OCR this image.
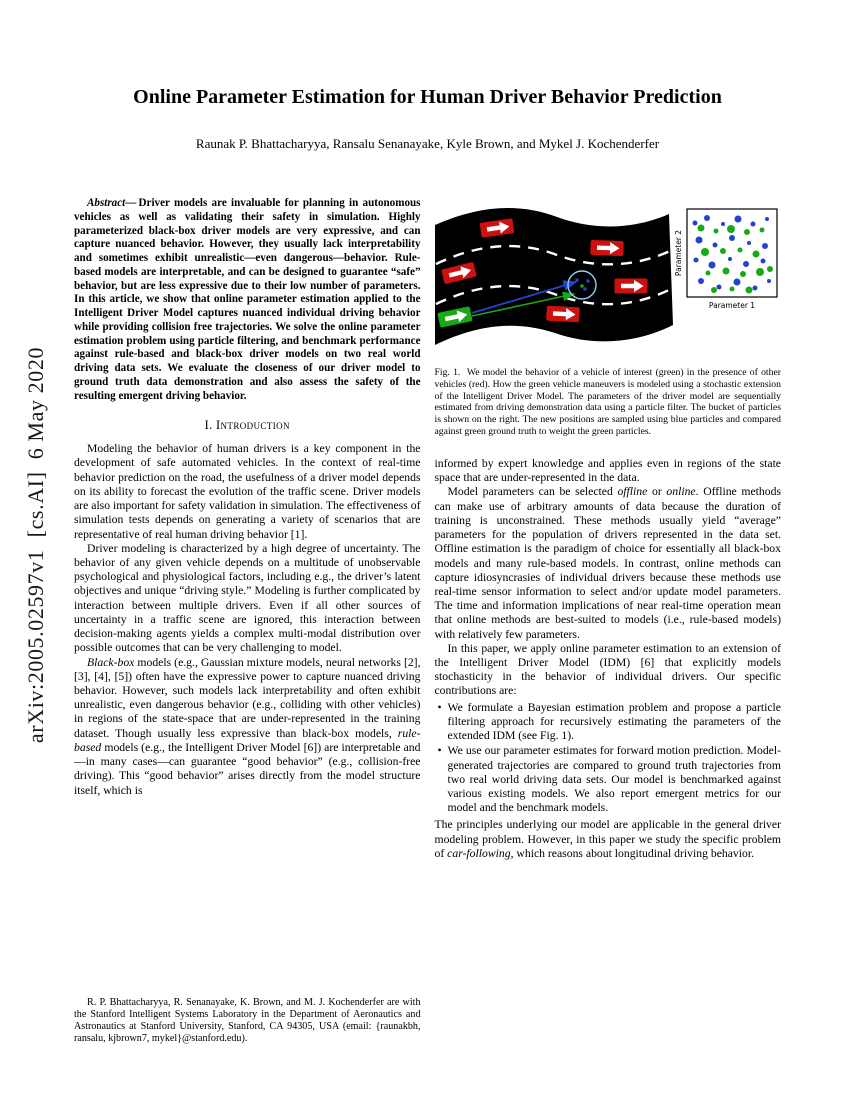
arXiv:2005.02597v1  [cs.AI]  6 May 2020
Online Parameter Estimation for Human Driver Behavior Prediction
Raunak P. Bhattacharyya, Ransalu Senanayake, Kyle Brown, and Mykel J. Kochenderfer

Abstract— Driver models are invaluable for planning in autonomous vehicles as well as validating their safety in simulation. Highly parameterized black-box driver models are very expressive, and can capture nuanced behavior. However, they usually lack interpretability and sometimes exhibit unrealistic—even dangerous—behavior. Rule-based models are interpretable, and can be designed to guarantee “safe” behavior, but are less expressive due to their low number of parameters. In this article, we show that online parameter estimation applied to the Intelligent Driver Model captures nuanced individual driving behavior while providing collision free trajectories. We solve the online parameter estimation problem using particle filtering, and benchmark performance against rule-based and black-box driver models on two real world driving data sets. We evaluate the closeness of our driver model to ground truth data demonstration and also assess the safety of the resulting emergent driving behavior.

I. Introduction

Modeling the behavior of human drivers is a key component in the development of safe automated vehicles. In the context of real-time behavior prediction on the road, the usefulness of a driver model depends on its ability to forecast the evolution of the traffic scene. Driver models are also important for safety validation in simulation. The effectiveness of simulation tests depends on generating a variety of scenarios that are representative of real human driving behavior [1].

Driver modeling is characterized by a high degree of uncertainty. The behavior of any given vehicle depends on a multitude of unobservable psychological and physiological factors, including e.g., the driver’s latent objectives and unique “driving style.” Modeling is further complicated by interaction between multiple drivers. Even if all other sources of uncertainty in a traffic scene are ignored, this interaction between decision-making agents yields a complex multi-modal distribution over possible outcomes that can be very challenging to model.

Black-box models (e.g., Gaussian mixture models, neural networks [2], [3], [4], [5]) often have the expressive power to capture nuanced driving behavior. However, such models lack interpretability and often exhibit unrealistic, even dangerous behavior (e.g., colliding with other vehicles) in regions of the state-space that are under-represented in the training dataset. Though usually less expressive than black-box models, rule-based models (e.g., the Intelligent Driver Model [6]) are interpretable and—in many cases—can guarantee “good behavior” (e.g., collision-free driving). This “good behavior” arises directly from the model structure itself, which is

R. P. Bhattacharyya, R. Senanayake, K. Brown, and M. J. Kochenderfer are with the Stanford Intelligent Systems Laboratory in the Department of Aeronautics and Astronautics at Stanford University, Stanford, CA 94305, USA (email: {raunakbh, ransalu, kjbrown7, mykel}@stanford.edu).

Parameter 1
Parameter 2
Fig. 1.  We model the behavior of a vehicle of interest (green) in the presence of other vehicles (red). How the green vehicle maneuvers is modeled using a stochastic extension of the Intelligent Driver Model. The parameters of the driver model are sequentially estimated from driving demonstration data using a particle filter. The bucket of particles is shown on the right. The new positions are sampled using blue particles and compared against green ground truth to weight the green particles.

informed by expert knowledge and applies even in regions of the state space that are under-represented in the data.

Model parameters can be selected offline or online. Offline methods can make use of arbitrary amounts of data because the duration of training is unconstrained. These methods usually yield “average” parameters for the population of drivers represented in the data set. Offline estimation is the paradigm of choice for essentially all black-box models and many rule-based models. In contrast, online methods can capture idiosyncrasies of individual drivers because these methods use real-time sensor information to select and/or update model parameters. The time and information implications of near real-time operation mean that online methods are best-suited to models (i.e., rule-based models) with relatively few parameters.

In this paper, we apply online parameter estimation to an extension of the Intelligent Driver Model (IDM) [6] that explicitly models stochasticity in the behavior of individual drivers. Our specific contributions are:

• We formulate a Bayesian estimation problem and propose a particle filtering approach for recursively estimating the parameters of the extended IDM (see Fig. 1).
• We use our parameter estimates for forward motion prediction. Model-generated trajectories are compared to ground truth trajectories from two real world driving data sets. Our model is benchmarked against various existing models. We also report emergent metrics for our model and the benchmark models.

The principles underlying our model are applicable in the general driver modeling problem. However, in this paper we study the specific problem of car-following, which reasons about longitudinal driving behavior.
